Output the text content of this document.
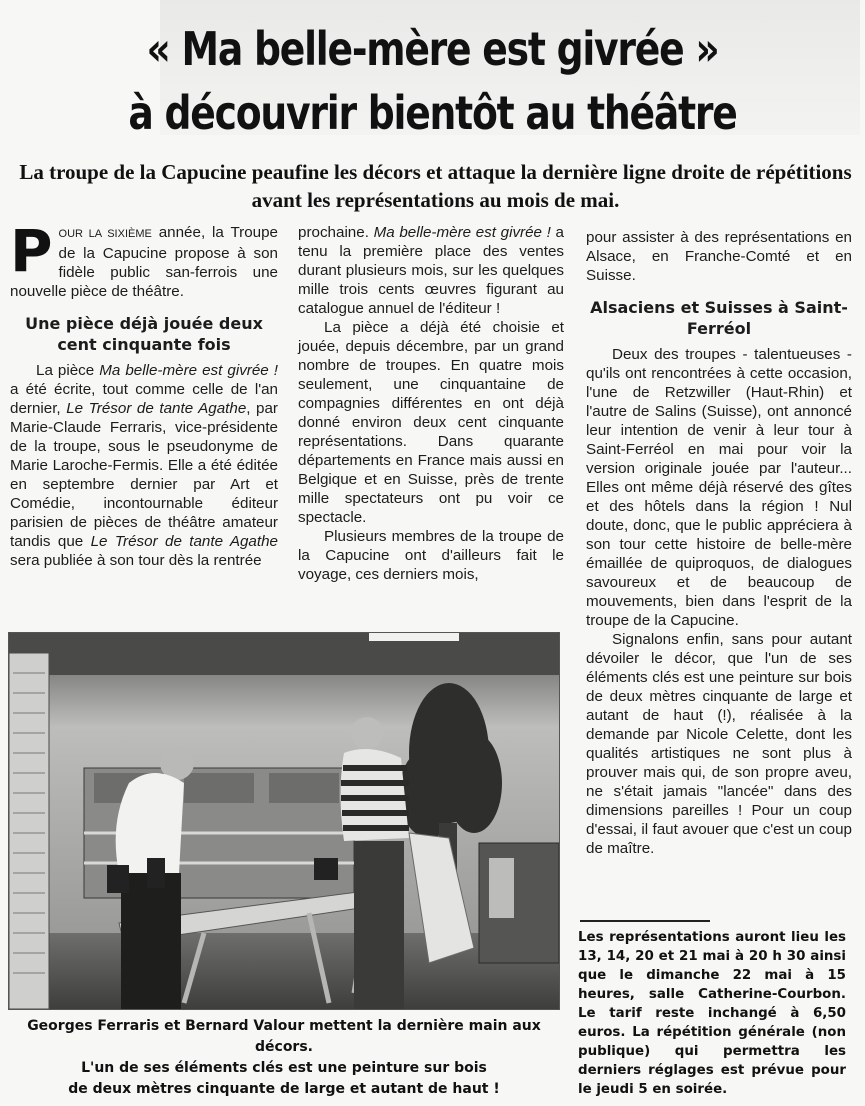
« Ma belle-mère est givrée »
à découvrir bientôt au théâtre
La troupe de la Capucine peaufine les décors et attaque la dernière ligne droite de répétitions avant les représentations au mois de mai.

POUR LA SIXIÈME année, la Troupe de la Capucine propose à son fidèle public san-ferrois une nouvelle pièce de théâtre.

Une pièce déjà jouée deux cent cinquante fois

La pièce Ma belle-mère est givrée ! a été écrite, tout comme celle de l'an dernier, Le Trésor de tante Agathe, par Marie-Claude Ferraris, vice-présidente de la troupe, sous le pseudonyme de Marie Laroche-Fermis. Elle a été éditée en septembre dernier par Art et Comédie, incontournable éditeur parisien de pièces de théâtre amateur tandis que Le Trésor de tante Agathe sera publiée à son tour dès la rentrée

prochaine. Ma belle-mère est givrée ! a tenu la première place des ventes durant plusieurs mois, sur les quelques mille trois cents œuvres figurant au catalogue annuel de l'éditeur !

La pièce a déjà été choisie et jouée, depuis décembre, par un grand nombre de troupes. En quatre mois seulement, une cinquantaine de compagnies différentes en ont déjà donné environ deux cent cinquante représentations. Dans quarante départements en France mais aussi en Belgique et en Suisse, près de trente mille spectateurs ont pu voir ce spectacle.

Plusieurs membres de la troupe de la Capucine ont d'ailleurs fait le voyage, ces derniers mois,

pour assister à des représentations en Alsace, en Franche-Comté et en Suisse.

Alsaciens et Suisses à Saint-Ferréol

Deux des troupes - talentueuses - qu'ils ont rencontrées à cette occasion, l'une de Retzwiller (Haut-Rhin) et l'autre de Salins (Suisse), ont annoncé leur intention de venir à leur tour à Saint-Ferréol en mai pour voir la version originale jouée par l'auteur... Elles ont même déjà réservé des gîtes et des hôtels dans la région ! Nul doute, donc, que le public appréciera à son tour cette histoire de belle-mère émaillée de quiproquos, de dialogues savoureux et de beaucoup de mouvements, bien dans l'esprit de la troupe de la Capucine.

Signalons enfin, sans pour autant dévoiler le décor, que l'un de ses éléments clés est une peinture sur bois de deux mètres cinquante de large et autant de haut (!), réalisée à la demande par Nicole Celette, dont les qualités artistiques ne sont plus à prouver mais qui, de son propre aveu, ne s'était jamais "lancée" dans des dimensions pareilles ! Pour un coup d'essai, il faut avouer que c'est un coup de maître.

Georges Ferraris et Bernard Valour mettent la dernière main aux décors.
L'un de ses éléments clés est une peinture sur bois
de deux mètres cinquante de large et autant de haut !
Les représentations auront lieu les 13, 14, 20 et 21 mai à 20 h 30 ainsi que le dimanche 22 mai à 15 heures, salle Catherine-Courbon. Le tarif reste inchangé à 6,50 euros. La répétition générale (non publique) qui permettra les derniers réglages est prévue pour le jeudi 5 en soirée.
